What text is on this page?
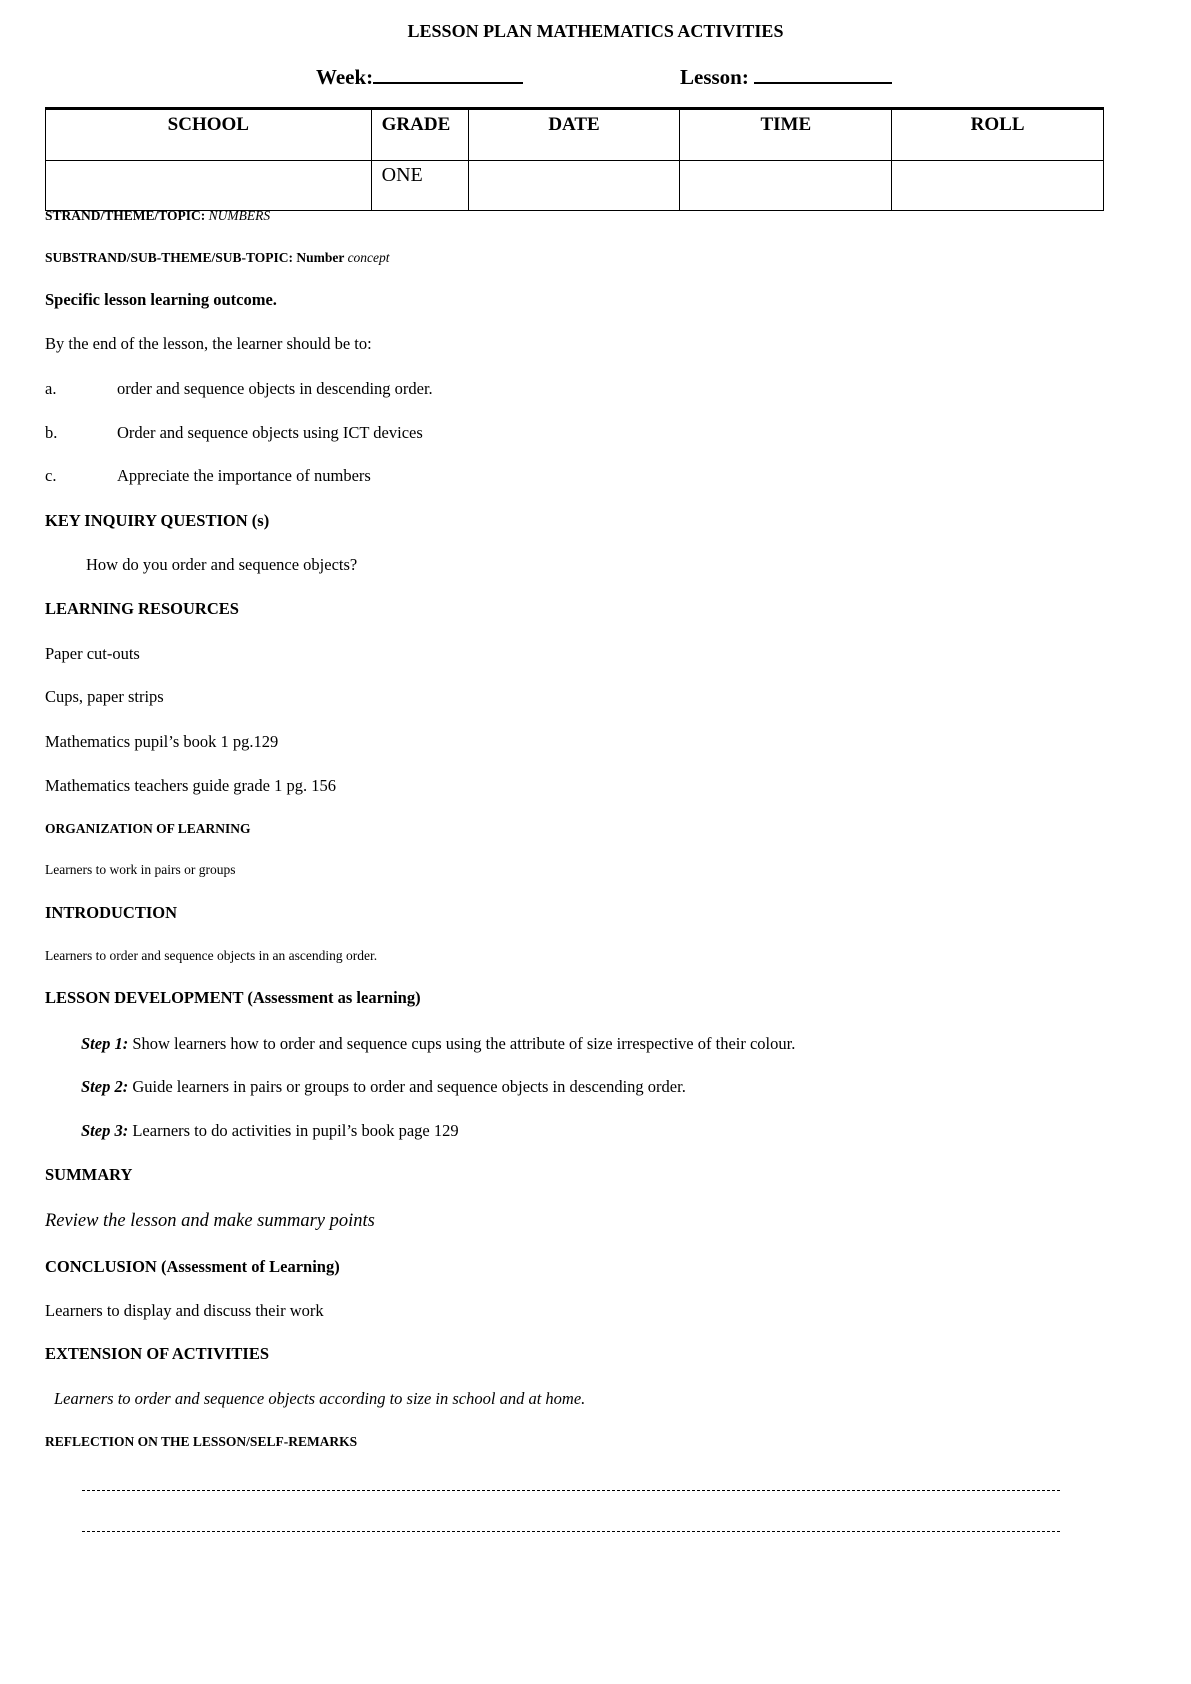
LESSON PLAN MATHEMATICS ACTIVITIES
Week:	Lesson:
SCHOOL	GRADE	DATE	TIME	ROLL
	ONE			
STRAND/THEME/TOPIC: NUMBERS
SUBSTRAND/SUB-THEME/SUB-TOPIC: Number concept
Specific lesson learning outcome.
By the end of the lesson, the learner should be to:
a.	order and sequence objects in descending order.
b.	Order and sequence objects using ICT devices
c.	Appreciate the importance of numbers
KEY INQUIRY QUESTION (s)
How do you order and sequence objects?
LEARNING RESOURCES
Paper cut-outs
Cups, paper strips
Mathematics pupil’s book 1 pg.129
Mathematics teachers guide grade 1 pg. 156
ORGANIZATION OF LEARNING
Learners to work in pairs or groups
INTRODUCTION
Learners to order and sequence objects in an ascending order.
LESSON DEVELOPMENT (Assessment as learning)
Step 1: Show learners how to order and sequence cups using the attribute of size irrespective of their colour.
Step 2: Guide learners in pairs or groups to order and sequence objects in descending order.
Step 3: Learners to do activities in pupil’s book page 129
SUMMARY
Review the lesson and make summary points
CONCLUSION (Assessment of Learning)
Learners to display and discuss their work
EXTENSION OF ACTIVITIES
Learners to order and sequence objects according to size in school and at home.
REFLECTION ON THE LESSON/SELF-REMARKS
